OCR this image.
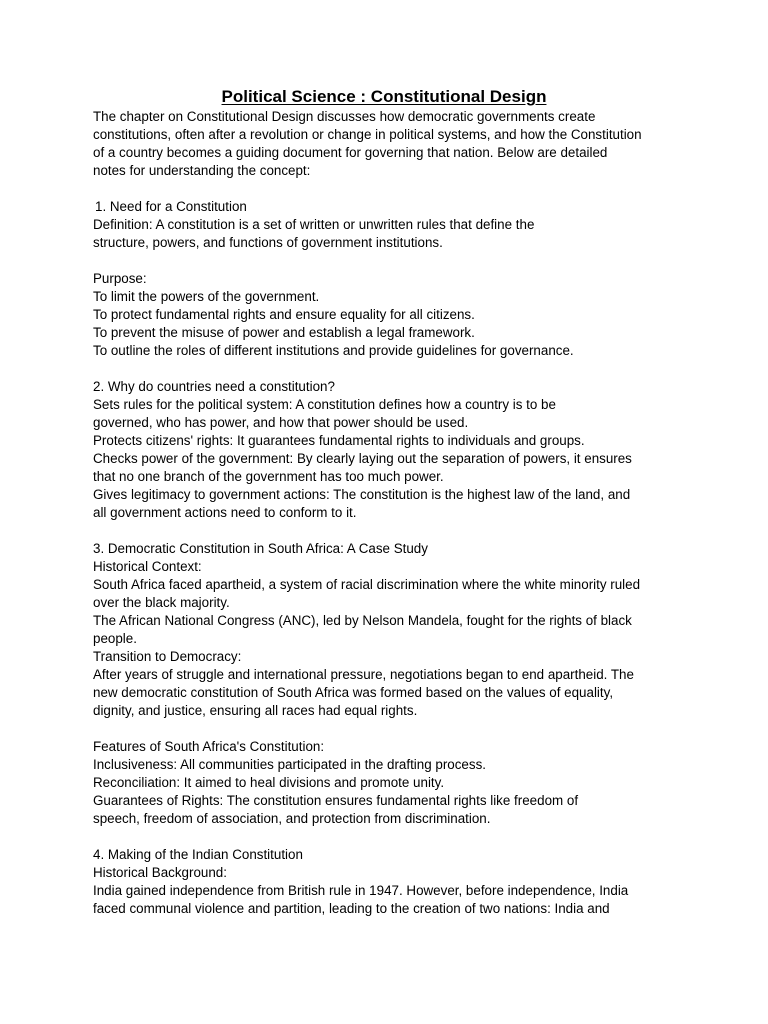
Political Science : Constitutional Design
The chapter on Constitutional Design discusses how democratic governments create
constitutions, often after a revolution or change in political systems, and how the Constitution
of a country becomes a guiding document for governing that nation. Below are detailed
notes for understanding the concept:
1. Need for a Constitution
Definition: A constitution is a set of written or unwritten rules that define the
structure, powers, and functions of government institutions.
Purpose:
To limit the powers of the government.
To protect fundamental rights and ensure equality for all citizens.
To prevent the misuse of power and establish a legal framework.
To outline the roles of different institutions and provide guidelines for governance.
2. Why do countries need a constitution?
Sets rules for the political system: A constitution defines how a country is to be
governed, who has power, and how that power should be used.
Protects citizens' rights: It guarantees fundamental rights to individuals and groups.
Checks power of the government: By clearly laying out the separation of powers, it ensures
that no one branch of the government has too much power.
Gives legitimacy to government actions: The constitution is the highest law of the land, and
all government actions need to conform to it.
3. Democratic Constitution in South Africa: A Case Study
Historical Context:
South Africa faced apartheid, a system of racial discrimination where the white minority ruled
over the black majority.
The African National Congress (ANC), led by Nelson Mandela, fought for the rights of black
people.
Transition to Democracy:
After years of struggle and international pressure, negotiations began to end apartheid. The
new democratic constitution of South Africa was formed based on the values of equality,
dignity, and justice, ensuring all races had equal rights.
Features of South Africa's Constitution:
Inclusiveness: All communities participated in the drafting process.
Reconciliation: It aimed to heal divisions and promote unity.
Guarantees of Rights: The constitution ensures fundamental rights like freedom of
speech, freedom of association, and protection from discrimination.
4. Making of the Indian Constitution
Historical Background:
India gained independence from British rule in 1947. However, before independence, India
faced communal violence and partition, leading to the creation of two nations: India and
